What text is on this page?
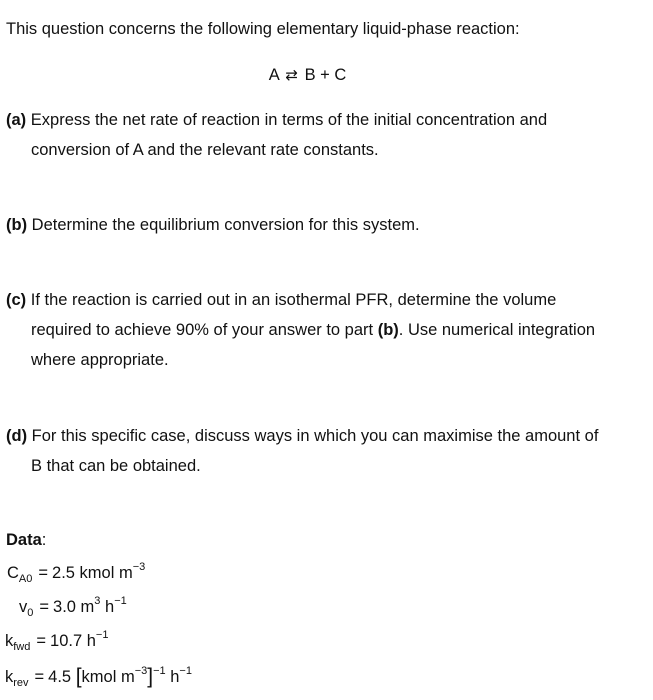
This question concerns the following elementary liquid-phase reaction:
A ⇄ B + C
(a) Express the net rate of reaction in terms of the initial concentration and
conversion of A and the relevant rate constants.
(b) Determine the equilibrium conversion for this system.
(c) If the reaction is carried out in an isothermal PFR, determine the volume
required to achieve 90% of your answer to part (b). Use numerical integration
where appropriate.
(d) For this specific case, discuss ways in which you can maximise the amount of
B that can be obtained.
Data:
$C_{A0} = 2.5$ kmol $m^{-3}$
$v_0 = 3.0$ $m^3$ $h^{-1}$
$k_{fwd} = 10.7$ $h^{-1}$
$k_{rev} = 4.5$ [kmol $m^{-3}]^{-1}$ $h^{-1}$
